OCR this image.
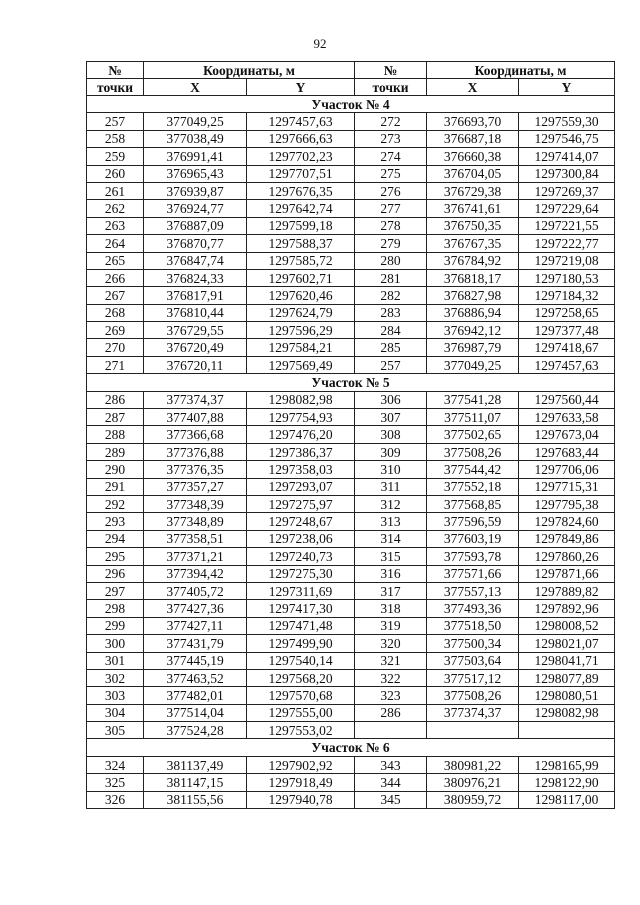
92
№	Координаты, м		№	Координаты, м	
точки	X	Y	точки	X	Y
Участок № 4					
257	377049,25	1297457,63	272	376693,70	1297559,30
258	377038,49	1297666,63	273	376687,18	1297546,75
259	376991,41	1297702,23	274	376660,38	1297414,07
260	376965,43	1297707,51	275	376704,05	1297300,84
261	376939,87	1297676,35	276	376729,38	1297269,37
262	376924,77	1297642,74	277	376741,61	1297229,64
263	376887,09	1297599,18	278	376750,35	1297221,55
264	376870,77	1297588,37	279	376767,35	1297222,77
265	376847,74	1297585,72	280	376784,92	1297219,08
266	376824,33	1297602,71	281	376818,17	1297180,53
267	376817,91	1297620,46	282	376827,98	1297184,32
268	376810,44	1297624,79	283	376886,94	1297258,65
269	376729,55	1297596,29	284	376942,12	1297377,48
270	376720,49	1297584,21	285	376987,79	1297418,67
271	376720,11	1297569,49	257	377049,25	1297457,63
Участок № 5					
286	377374,37	1298082,98	306	377541,28	1297560,44
287	377407,88	1297754,93	307	377511,07	1297633,58
288	377366,68	1297476,20	308	377502,65	1297673,04
289	377376,88	1297386,37	309	377508,26	1297683,44
290	377376,35	1297358,03	310	377544,42	1297706,06
291	377357,27	1297293,07	311	377552,18	1297715,31
292	377348,39	1297275,97	312	377568,85	1297795,38
293	377348,89	1297248,67	313	377596,59	1297824,60
294	377358,51	1297238,06	314	377603,19	1297849,86
295	377371,21	1297240,73	315	377593,78	1297860,26
296	377394,42	1297275,30	316	377571,66	1297871,66
297	377405,72	1297311,69	317	377557,13	1297889,82
298	377427,36	1297417,30	318	377493,36	1297892,96
299	377427,11	1297471,48	319	377518,50	1298008,52
300	377431,79	1297499,90	320	377500,34	1298021,07
301	377445,19	1297540,14	321	377503,64	1298041,71
302	377463,52	1297568,20	322	377517,12	1298077,89
303	377482,01	1297570,68	323	377508,26	1298080,51
304	377514,04	1297555,00	286	377374,37	1298082,98
305	377524,28	1297553,02			
Участок № 6					
324	381137,49	1297902,92	343	380981,22	1298165,99
325	381147,15	1297918,49	344	380976,21	1298122,90
326	381155,56	1297940,78	345	380959,72	1298117,00
